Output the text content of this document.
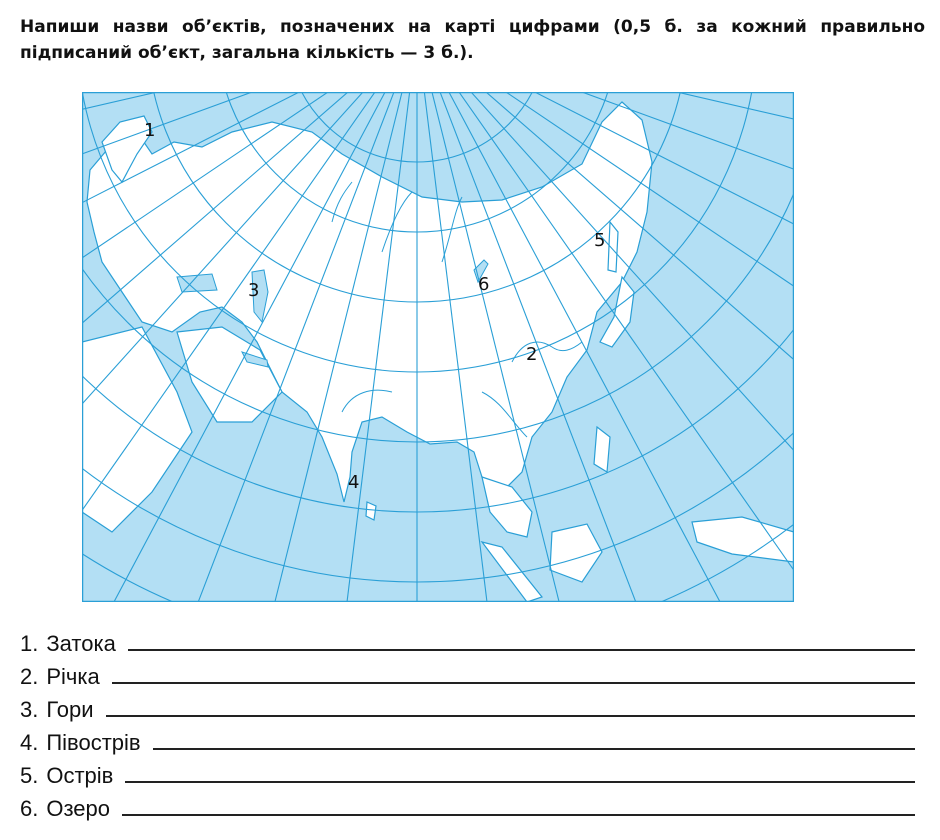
Напиши назви об’єктів, позначених на карті цифрами (0,5 б. за кожний правильно підписаний об’єкт, загальна кількість — 3 б.).
1
2
3
4
5
6
1. Затока
2. Річка
3. Гори
4. Півострів
5. Острів
6. Озеро
